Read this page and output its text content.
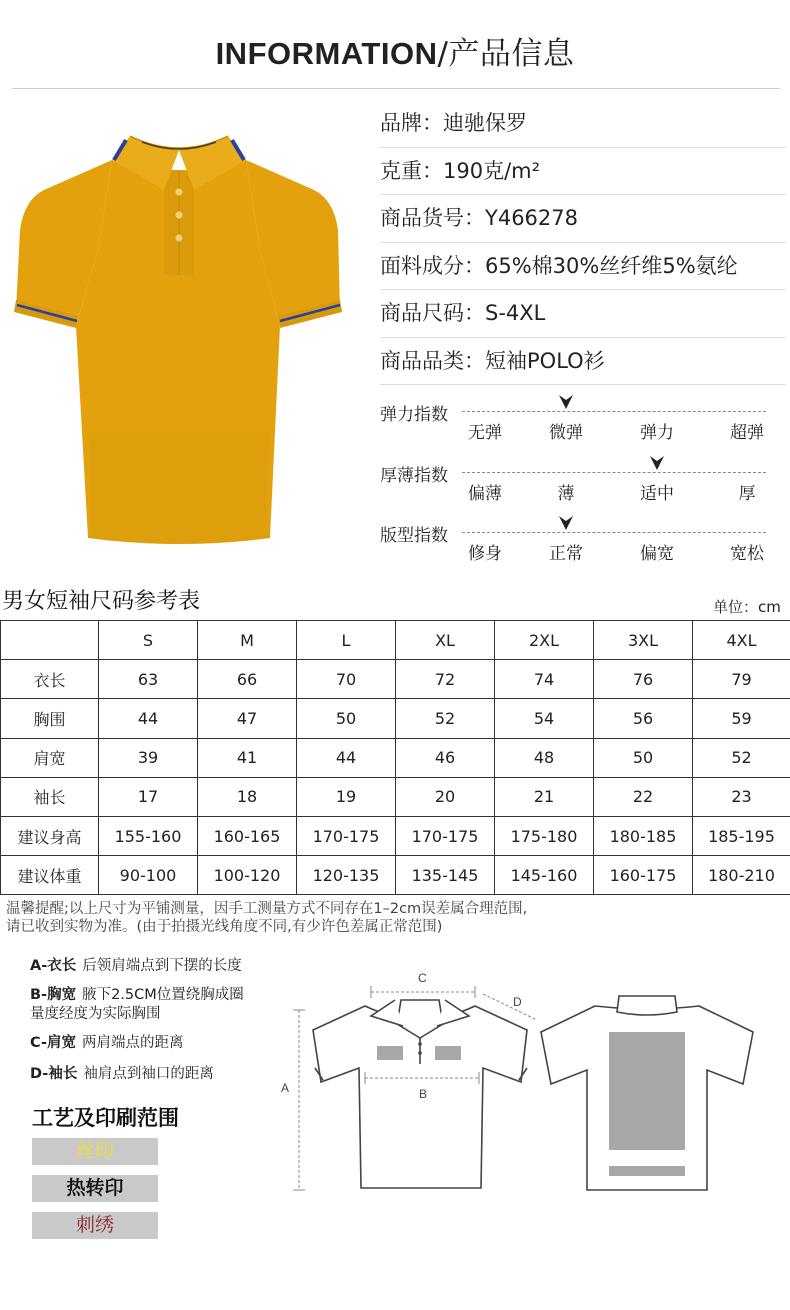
INFORMATION/产品信息
品牌：迪驰保罗
克重：190克/m²
商品货号：Y466278
面料成分：65%棉30%丝纤维5%氨纶
商品尺码：S-4XL
商品品类：短袖POLO衫
弹力指数
无弹	微弹	弹力	超弹
厚薄指数
偏薄	薄	适中	厚
版型指数
修身	正常	偏宽	宽松
男女短袖尺码参考表	单位：cm
	S	M	L	XL	2XL	3XL	4XL
衣长	63	66	70	72	74	76	79
胸围	44	47	50	52	54	56	59
肩宽	39	41	44	46	48	50	52
袖长	17	18	19	20	21	22	23
建议身高	155-160	160-165	170-175	170-175	175-180	180-185	185-195
建议体重	90-100	100-120	120-135	135-145	145-160	160-175	180-210
温馨提醒;以上尺寸为平铺测量，因手工测量方式不同存在1–2cm误差属合理范围,
请已收到实物为准。(由于拍摄光线角度不同,有少许色差属正常范围)
A-衣长 后领肩端点到下摆的长度
B-胸宽 腋下2.5CM位置绕胸成圈
量度经度为实际胸围
C-肩宽 两肩端点的距离
D-袖长 袖肩点到袖口的距离
工艺及印刷范围
丝印
热转印
刺绣
A
C
D
B
